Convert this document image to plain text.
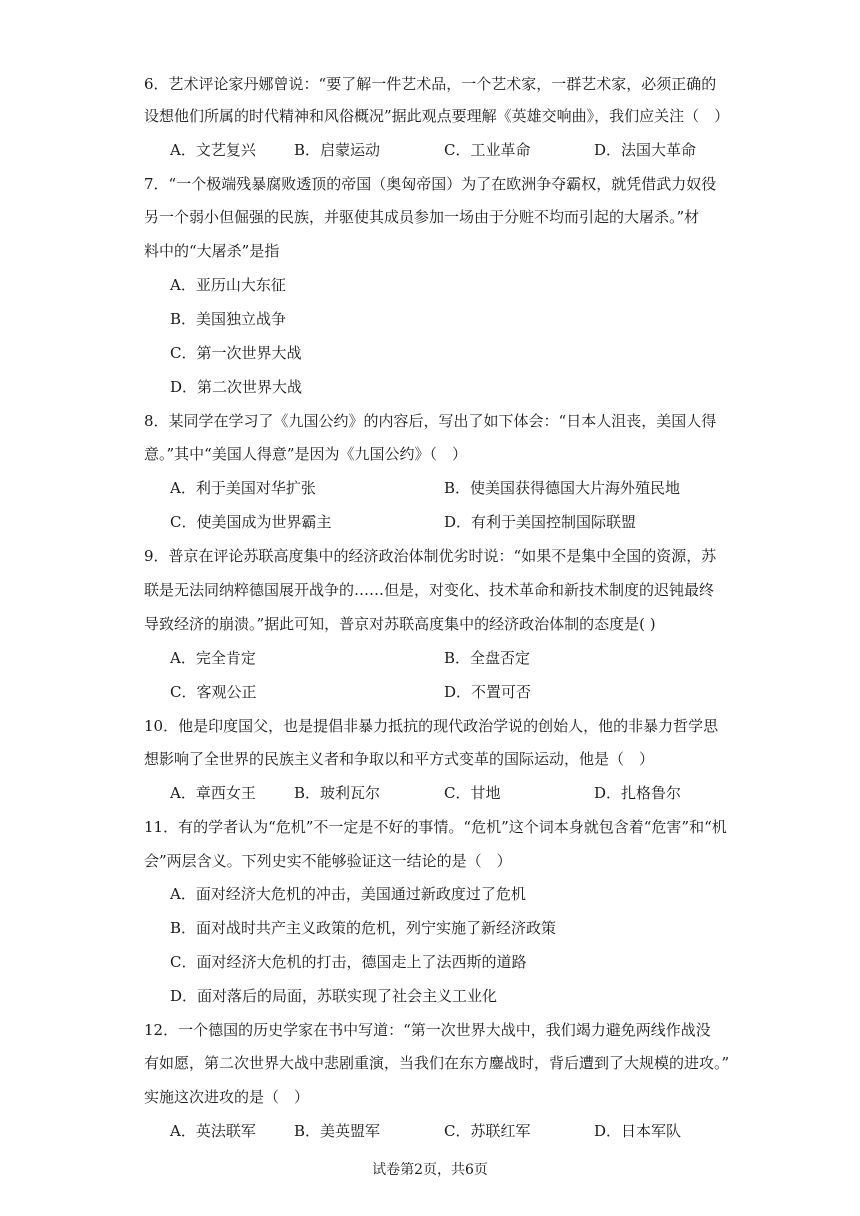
6．艺术评论家丹娜曾说：“要了解一件艺术品，一个艺术家，一群艺术家，必须正确的
设想他们所属的时代精神和风俗概况”据此观点要理解《英雄交响曲》，我们应关注（　）
A．文艺复兴	B．启蒙运动	C．工业革命	D．法国大革命
7．“一个极端残暴腐败透顶的帝国（奥匈帝国）为了在欧洲争夺霸权，就凭借武力奴役
另一个弱小但倔强的民族，并驱使其成员参加一场由于分赃不均而引起的大屠杀。”材
料中的“大屠杀”是指
A．亚历山大东征
B．美国独立战争
C．第一次世界大战
D．第二次世界大战
8．某同学在学习了《九国公约》的内容后，写出了如下体会：“日本人沮丧，美国人得
意。”其中“美国人得意”是因为《九国公约》（　）
A．利于美国对华扩张	B．使美国获得德国大片海外殖民地
C．使美国成为世界霸主	D．有利于美国控制国际联盟
9．普京在评论苏联高度集中的经济政治体制优劣时说：“如果不是集中全国的资源，苏
联是无法同纳粹德国展开战争的……但是，对变化、技术革命和新技术制度的迟钝最终
导致经济的崩溃。”据此可知，普京对苏联高度集中的经济政治体制的态度是( )
A．完全肯定	B．全盘否定
C．客观公正	D．不置可否
10．他是印度国父，也是提倡非暴力抵抗的现代政治学说的创始人，他的非暴力哲学思
想影响了全世界的民族主义者和争取以和平方式变革的国际运动，他是（　）
A．章西女王	B．玻利瓦尔	C．甘地	D．扎格鲁尔
11．有的学者认为“危机”不一定是不好的事情。“危机”这个词本身就包含着“危害”和“机
会”两层含义。下列史实不能够验证这一结论的是（　）
A．面对经济大危机的冲击，美国通过新政度过了危机
B．面对战时共产主义政策的危机，列宁实施了新经济政策
C．面对经济大危机的打击，德国走上了法西斯的道路
D．面对落后的局面，苏联实现了社会主义工业化
12．一个德国的历史学家在书中写道：“第一次世界大战中，我们竭力避免两线作战没
有如愿，第二次世界大战中悲剧重演，当我们在东方鏖战时，背后遭到了大规模的进攻。”
实施这次进攻的是（　）
A．英法联军	B．美英盟军	C．苏联红军	D．日本军队
试卷第2页，共6页
